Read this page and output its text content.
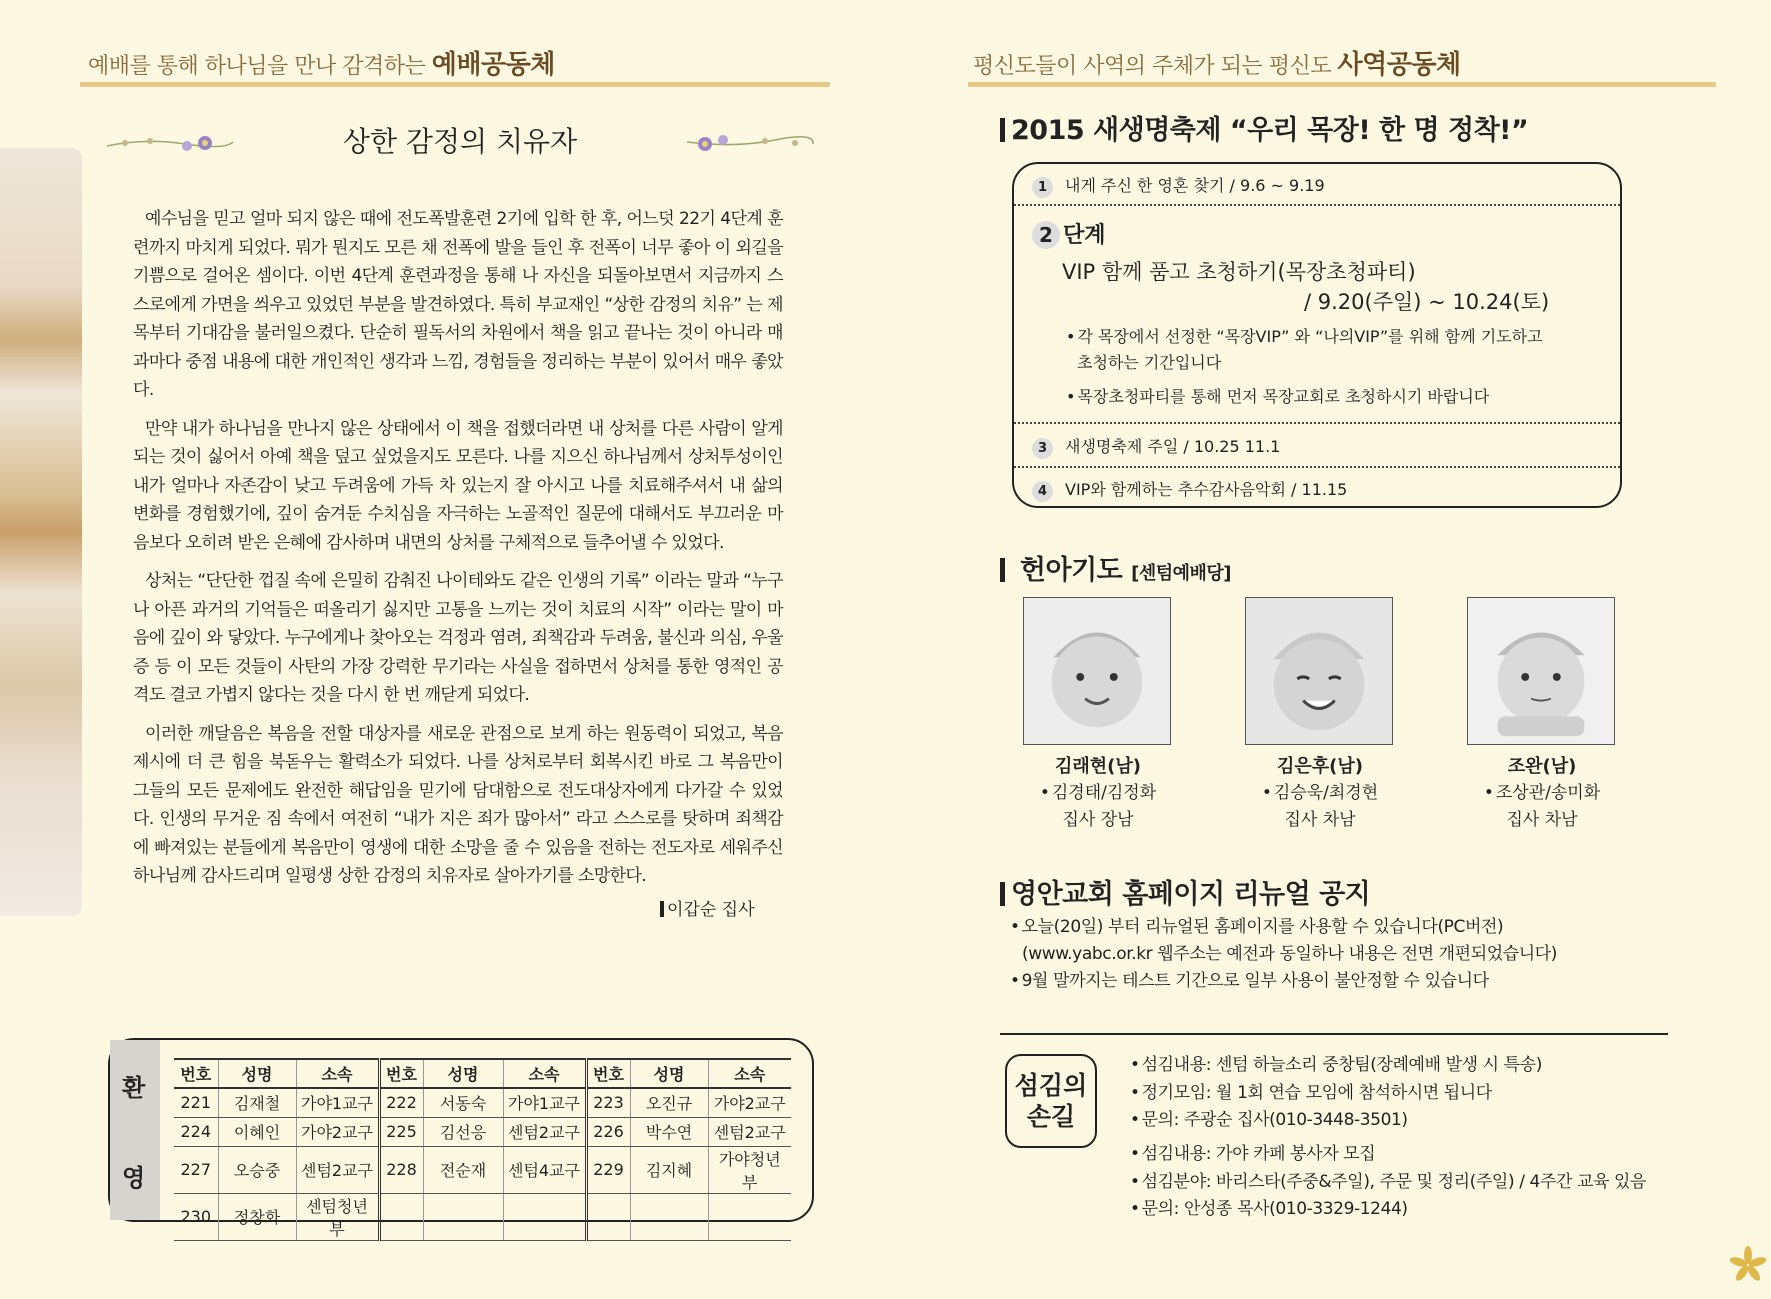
예배를 통해 하나님을 만나 감격하는 예배공동체	평신도들이 사역의 주체가 되는 평신도 사역공동체
상한 감정의 치유자

예수님을 믿고 얼마 되지 않은 때에 전도폭발훈련 2기에 입학 한 후, 어느덧 22기 4단계 훈련까지 마치게 되었다. 뭐가 뭔지도 모른 채 전폭에 발을 들인 후 전폭이 너무 좋아 이 외길을 기쁨으로 걸어온 셈이다. 이번 4단계 훈련과정을 통해 나 자신을 되돌아보면서 지금까지 스스로에게 가면을 씌우고 있었던 부분을 발견하였다. 특히 부교재인 “상한 감정의 치유” 는 제목부터 기대감을 불러일으켰다. 단순히 필독서의 차원에서 책을 읽고 끝나는 것이 아니라 매 과마다 중점 내용에 대한 개인적인 생각과 느낌, 경험들을 정리하는 부분이 있어서 매우 좋았다.

만약 내가 하나님을 만나지 않은 상태에서 이 책을 접했더라면 내 상처를 다른 사람이 알게 되는 것이 싫어서 아예 책을 덮고 싶었을지도 모른다. 나를 지으신 하나님께서 상처투성이인 내가 얼마나 자존감이 낮고 두려움에 가득 차 있는지 잘 아시고 나를 치료해주셔서 내 삶의 변화를 경험했기에, 깊이 숨겨둔 수치심을 자극하는 노골적인 질문에 대해서도 부끄러운 마음보다 오히려 받은 은혜에 감사하며 내면의 상처를 구체적으로 들추어낼 수 있었다.

상처는 “단단한 껍질 속에 은밀히 감춰진 나이테와도 같은 인생의 기록” 이라는 말과 “누구나 아픈 과거의 기억들은 떠올리기 싫지만 고통을 느끼는 것이 치료의 시작” 이라는 말이 마음에 깊이 와 닿았다. 누구에게나 찾아오는 걱정과 염려, 죄책감과 두려움, 불신과 의심, 우울증 등 이 모든 것들이 사탄의 가장 강력한 무기라는 사실을 접하면서 상처를 통한 영적인 공격도 결코 가볍지 않다는 것을 다시 한 번 깨닫게 되었다.

이러한 깨달음은 복음을 전할 대상자를 새로운 관점으로 보게 하는 원동력이 되었고, 복음제시에 더 큰 힘을 북돋우는 활력소가 되었다. 나를 상처로부터 회복시킨 바로 그 복음만이 그들의 모든 문제에도 완전한 해답임을 믿기에 담대함으로 전도대상자에게 다가갈 수 있었다. 인생의 무거운 짐 속에서 여전히 “내가 지은 죄가 많아서” 라고 스스로를 탓하며 죄책감에 빠져있는 분들에게 복음만이 영생에 대한 소망을 줄 수 있음을 전하는 전도자로 세워주신 하나님께 감사드리며 일평생 상한 감정의 치유자로 살아가기를 소망한다.

이갑순 집사
환
영
번호	성명	소속	번호	성명	소속	번호	성명	소속
221	김재철	가야1교구	222	서동숙	가야1교구	223	오진규	가야2교구
224	이혜인	가야2교구	225	김선응	센텀2교구	226	박수연	센텀2교구
227	오승중	센텀2교구	228	전순재	센텀4교구	229	김지혜	가야청년부
230	정창화	센텀청년부						
2015 새생명축제 “우리 목장! 한 명 정착!”
1 내게 주신 한 영혼 찾기 / 9.6 ~ 9.19
2 단계
VIP 함께 품고 초청하기(목장초청파티)
/ 9.20(주일) ~ 10.24(토)
• 각 목장에서 선정한 “목장VIP” 와 “나의VIP”를 위해 함께 기도하고
초청하는 기간입니다
• 목장초청파티를 통해 먼저 목장교회로 초청하시기 바랍니다
3 새생명축제 주일 / 10.25 11.1
4 VIP와 함께하는 추수감사음악회 / 11.15
헌아기도 [센텀예배당]
김래현(남)
• 김경태/김정화
집사 장남
김은후(남)
• 김승욱/최경현
집사 차남
조완(남)
• 조상관/송미화
집사 차남
영안교회 홈페이지 리뉴얼 공지
• 오늘(20일) 부터 리뉴얼된 홈페이지를 사용할 수 있습니다(PC버전)
(www.yabc.or.kr 웹주소는 예전과 동일하나 내용은 전면 개편되었습니다)
• 9월 말까지는 테스트 기간으로 일부 사용이 불안정할 수 있습니다
섬김의
손길
• 섬김내용: 센텀 하늘소리 중창팀(장례예배 발생 시 특송)
• 정기모임: 월 1회 연습 모임에 참석하시면 됩니다
• 문의: 주광순 집사(010-3448-3501)
• 섬김내용: 가야 카페 봉사자 모집
• 섬김분야: 바리스타(주중&주일), 주문 및 정리(주일) / 4주간 교육 있음
• 문의: 안성종 목사(010-3329-1244)
